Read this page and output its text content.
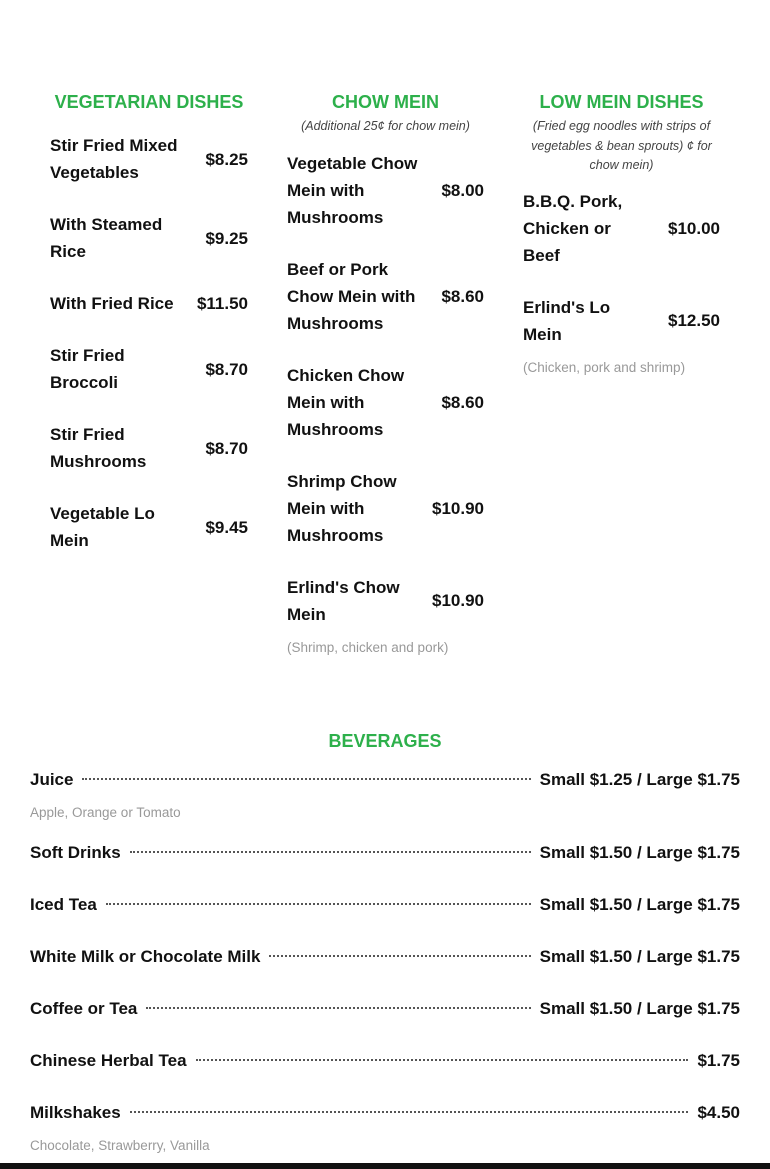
VEGETARIAN DISHES
Stir Fried Mixed Vegetables
$8.25
With Steamed Rice
$9.25
With Fried Rice $11.50
Stir Fried Broccoli
$8.70
Stir Fried Mushrooms
$8.70
Vegetable Lo Mein
$9.45
CHOW MEIN
(Additional 25¢ for chow mein)
Vegetable Chow Mein with Mushrooms
$8.00
Beef or Pork Chow Mein with Mushrooms
$8.60
Chicken Chow Mein with Mushrooms
$8.60
Shrimp Chow Mein with Mushrooms
$10.90
Erlind's Chow Mein
$10.90
(Shrimp, chicken and pork)
LOW MEIN DISHES
(Fried egg noodles with strips of vegetables & bean sprouts) ¢ for chow mein)
B.B.Q. Pork, Chicken or Beef
$10.00
Erlind's Lo Mein
$12.50
(Chicken, pork and shrimp)
BEVERAGES
Juice	Small $1.25 / Large $1.75
Apple, Orange or Tomato
Soft Drinks	Small $1.50 / Large $1.75
Iced Tea	Small $1.50 / Large $1.75
White Milk or Chocolate Milk	Small $1.50 / Large $1.75
Coffee or Tea	Small $1.50 / Large $1.75
Chinese Herbal Tea	$1.75
Milkshakes	$4.50
Chocolate, Strawberry, Vanilla
